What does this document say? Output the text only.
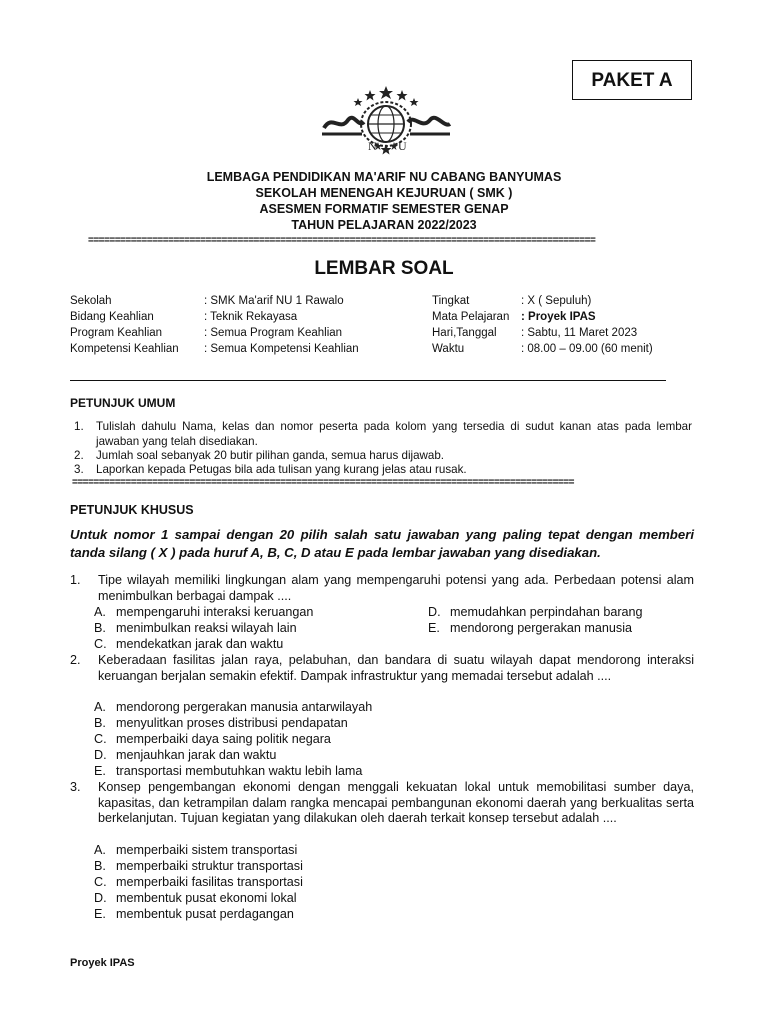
PAKET A
N U
LEMBAGA PENDIDIKAN MA'ARIF NU CABANG BANYUMAS
SEKOLAH MENENGAH KEJURUAN ( SMK )
ASESMEN FORMATIF SEMESTER GENAP
TAHUN PELAJARAN 2022/2023
===============================================================================================
LEMBAR SOAL
Sekolah	: SMK Ma'arif NU 1 Rawalo
Bidang Keahlian	: Teknik Rekayasa
Program Keahlian	: Semua Program Keahlian
Kompetensi Keahlian : Semua Kompetensi Keahlian
Tingkat	: X ( Sepuluh)
Mata Pelajaran : Proyek IPAS
Hari,Tanggal : Sabtu, 11 Maret 2023
Waktu	: 08.00 – 09.00 (60 menit)
PETUNJUK UMUM
1. Tulislah dahulu Nama, kelas dan nomor peserta pada kolom yang tersedia di sudut kanan atas pada lembar jawaban yang telah disediakan.
2. Jumlah soal sebanyak 20 butir pilihan ganda, semua harus dijawab.
3. Laporkan kepada Petugas bila ada tulisan yang kurang jelas atau rusak.
==============================================================================================
PETUNJUK KHUSUS
Untuk nomor 1 sampai dengan 20 pilih salah satu jawaban yang paling tepat dengan memberi tanda silang ( X ) pada huruf A, B, C, D atau E pada lembar jawaban yang disediakan.
1. Tipe wilayah memiliki lingkungan alam yang mempengaruhi potensi yang ada. Perbedaan potensi alam menimbulkan berbagai dampak ....
A. mempengaruhi interaksi keruangan
B. menimbulkan reaksi wilayah lain
C. mendekatkan jarak dan waktu
D. memudahkan perpindahan barang
E. mendorong pergerakan manusia
2. Keberadaan fasilitas jalan raya, pelabuhan, dan bandara di suatu wilayah dapat mendorong interaksi keruangan berjalan semakin efektif. Dampak infrastruktur yang memadai tersebut adalah ....
A. mendorong pergerakan manusia antarwilayah
B. menyulitkan proses distribusi pendapatan
C. memperbaiki daya saing politik negara
D. menjauhkan jarak dan waktu
E. transportasi membutuhkan waktu lebih lama
3. Konsep pengembangan ekonomi dengan menggali kekuatan lokal untuk memobilitasi sumber daya, kapasitas, dan ketrampilan dalam rangka mencapai pembangunan ekonomi daerah yang berkualitas serta berkelanjutan. Tujuan kegiatan yang dilakukan oleh daerah terkait konsep tersebut adalah ....
A. memperbaiki sistem transportasi
B. memperbaiki struktur transportasi
C. memperbaiki fasilitas transportasi
D. membentuk pusat ekonomi lokal
E. membentuk pusat perdagangan
Proyek IPAS
